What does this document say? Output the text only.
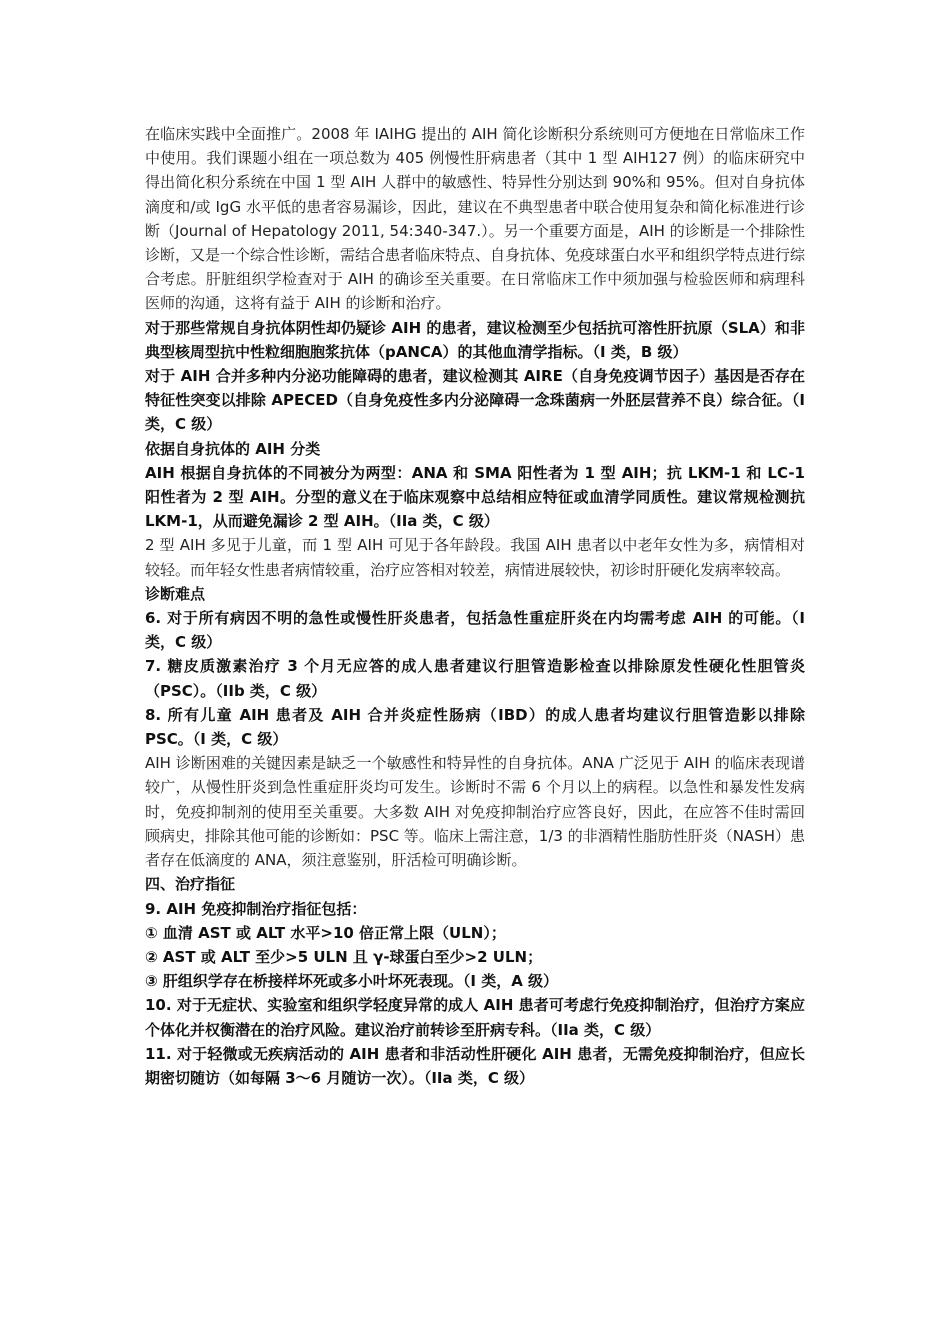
在临床实践中全面推广。2008 年 IAIHG 提出的 AIH 简化诊断积分系统则可方便地在日常临床工作中使用。我们课题小组在一项总数为 405 例慢性肝病患者（其中 1 型 AIH127 例）的临床研究中得出简化积分系统在中国 1 型 AIH 人群中的敏感性、特异性分别达到 90%和 95%。但对自身抗体滴度和/或 IgG 水平低的患者容易漏诊，因此，建议在不典型患者中联合使用复杂和简化标准进行诊断（Journal of Hepatology 2011, 54:340-347.）。另一个重要方面是，AIH 的诊断是一个排除性诊断，又是一个综合性诊断，需结合患者临床特点、自身抗体、免疫球蛋白水平和组织学特点进行综合考虑。肝脏组织学检查对于 AIH 的确诊至关重要。在日常临床工作中须加强与检验医师和病理科医师的沟通，这将有益于 AIH 的诊断和治疗。

对于那些常规自身抗体阴性却仍疑诊 AIH 的患者，建议检测至少包括抗可溶性肝抗原（SLA）和非典型核周型抗中性粒细胞胞浆抗体（pANCA）的其他血清学指标。（I 类，B 级）

对于 AIH 合并多种内分泌功能障碍的患者，建议检测其 AIRE（自身免疫调节因子）基因是否存在特征性突变以排除 APECED（自身免疫性多内分泌障碍一念珠菌病一外胚层营养不良）综合征。（I 类，C 级）

依据自身抗体的 AIH 分类

AIH 根据自身抗体的不同被分为两型：ANA 和 SMA 阳性者为 1 型 AIH；抗 LKM-1 和 LC-1 阳性者为 2 型 AIH。分型的意义在于临床观察中总结相应特征或血清学同质性。建议常规检测抗 LKM-1，从而避免漏诊 2 型 AIH。（IIa 类，C 级）

2 型 AIH 多见于儿童，而 1 型 AIH 可见于各年龄段。我国 AIH 患者以中老年女性为多，病情相对较轻。而年轻女性患者病情较重，治疗应答相对较差，病情进展较快，初诊时肝硬化发病率较高。

诊断难点

6. 对于所有病因不明的急性或慢性肝炎患者，包括急性重症肝炎在内均需考虑 AIH 的可能。（I 类，C 级）

7. 糖皮质激素治疗 3 个月无应答的成人患者建议行胆管造影检查以排除原发性硬化性胆管炎（PSC）。（IIb 类，C 级）

8. 所有儿童 AIH 患者及 AIH 合并炎症性肠病（IBD）的成人患者均建议行胆管造影以排除 PSC。（I 类，C 级）

AIH 诊断困难的关键因素是缺乏一个敏感性和特异性的自身抗体。ANA 广泛见于 AIH 的临床表现谱较广，从慢性肝炎到急性重症肝炎均可发生。诊断时不需 6 个月以上的病程。以急性和暴发性发病时，免疫抑制剂的使用至关重要。大多数 AIH 对免疫抑制治疗应答良好，因此，在应答不佳时需回顾病史，排除其他可能的诊断如：PSC 等。临床上需注意，1/3 的非酒精性脂肪性肝炎（NASH）患者存在低滴度的 ANA，须注意鉴别，肝活检可明确诊断。

四、治疗指征

9. AIH 免疫抑制治疗指征包括：

① 血清 AST 或 ALT 水平>10 倍正常上限（ULN）；

② AST 或 ALT 至少>5 ULN 且 γ-球蛋白至少>2 ULN；

③ 肝组织学存在桥接样坏死或多小叶坏死表现。（I 类，A 级）

10. 对于无症状、实验室和组织学轻度异常的成人 AIH 患者可考虑行免疫抑制治疗，但治疗方案应个体化并权衡潜在的治疗风险。建议治疗前转诊至肝病专科。（IIa 类，C 级）

11. 对于轻微或无疾病活动的 AIH 患者和非活动性肝硬化 AIH 患者，无需免疫抑制治疗，但应长期密切随访（如每隔 3～6 月随访一次）。（IIa 类，C 级）
